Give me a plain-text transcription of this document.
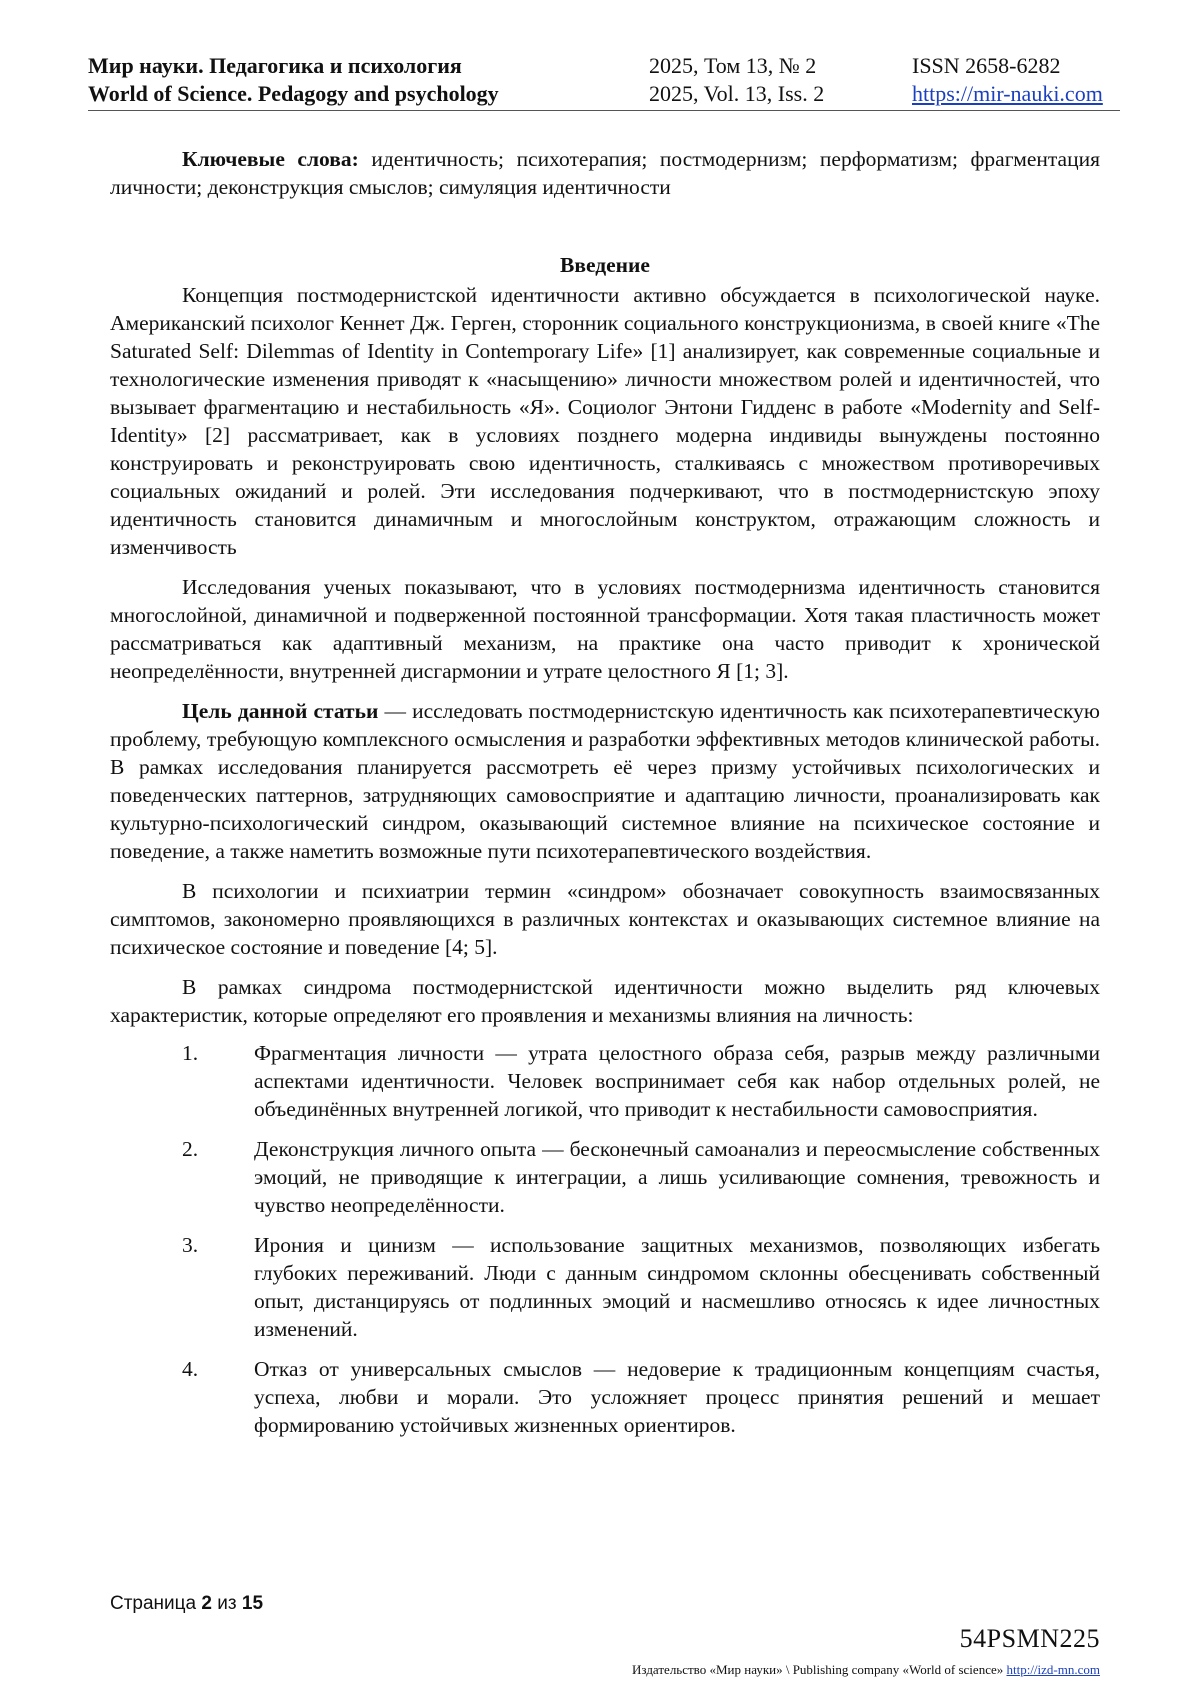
Мир науки. Педагогика и психология
World of Science. Pedagogy and psychology
2025, Том 13, № 2
2025, Vol. 13, Iss. 2
ISSN 2658-6282
https://mir-nauki.com

Ключевые слова: идентичность; психотерапия; постмодернизм; перформатизм; фрагментация личности; деконструкция смыслов; симуляция идентичности

Введение

Концепция постмодернистской идентичности активно обсуждается в психологической науке. Американский психолог Кеннет Дж. Герген, сторонник социального конструкционизма, в своей книге «The Saturated Self: Dilemmas of Identity in Contemporary Life» [1] анализирует, как современные социальные и технологические изменения приводят к «насыщению» личности множеством ролей и идентичностей, что вызывает фрагментацию и нестабильность «Я». Социолог Энтони Гидденс в работе «Modernity and Self-Identity» [2] рассматривает, как в условиях позднего модерна индивиды вынуждены постоянно конструировать и реконструировать свою идентичность, сталкиваясь с множеством противоречивых социальных ожиданий и ролей. Эти исследования подчеркивают, что в постмодернистскую эпоху идентичность становится динамичным и многослойным конструктом, отражающим сложность и изменчивость

Исследования ученых показывают, что в условиях постмодернизма идентичность становится многослойной, динамичной и подверженной постоянной трансформации. Хотя такая пластичность может рассматриваться как адаптивный механизм, на практике она часто приводит к хронической неопределённости, внутренней дисгармонии и утрате целостного Я [1; 3].

Цель данной статьи — исследовать постмодернистскую идентичность как психотерапевтическую проблему, требующую комплексного осмысления и разработки эффективных методов клинической работы. В рамках исследования планируется рассмотреть её через призму устойчивых психологических и поведенческих паттернов, затрудняющих самовосприятие и адаптацию личности, проанализировать как культурно-психологический синдром, оказывающий системное влияние на психическое состояние и поведение, а также наметить возможные пути психотерапевтического воздействия.

В психологии и психиатрии термин «синдром» обозначает совокупность взаимосвязанных симптомов, закономерно проявляющихся в различных контекстах и оказывающих системное влияние на психическое состояние и поведение [4; 5].

В рамках синдрома постмодернистской идентичности можно выделить ряд ключевых характеристик, которые определяют его проявления и механизмы влияния на личность:

1.	Фрагментация личности — утрата целостного образа себя, разрыв между различными аспектами идентичности. Человек воспринимает себя как набор отдельных ролей, не объединённых внутренней логикой, что приводит к нестабильности самовосприятия.
2.	Деконструкция личного опыта — бесконечный самоанализ и переосмысление собственных эмоций, не приводящие к интеграции, а лишь усиливающие сомнения, тревожность и чувство неопределённости.
3.	Ирония и цинизм — использование защитных механизмов, позволяющих избегать глубоких переживаний. Люди с данным синдромом склонны обесценивать собственный опыт, дистанцируясь от подлинных эмоций и насмешливо относясь к идее личностных изменений.
4.	Отказ от универсальных смыслов — недоверие к традиционным концепциям счастья, успеха, любви и морали. Это усложняет процесс принятия решений и мешает формированию устойчивых жизненных ориентиров.
Страница 2 из 15
54PSMN225
Издательство «Мир науки» \ Publishing company «World of science» http://izd-mn.com
